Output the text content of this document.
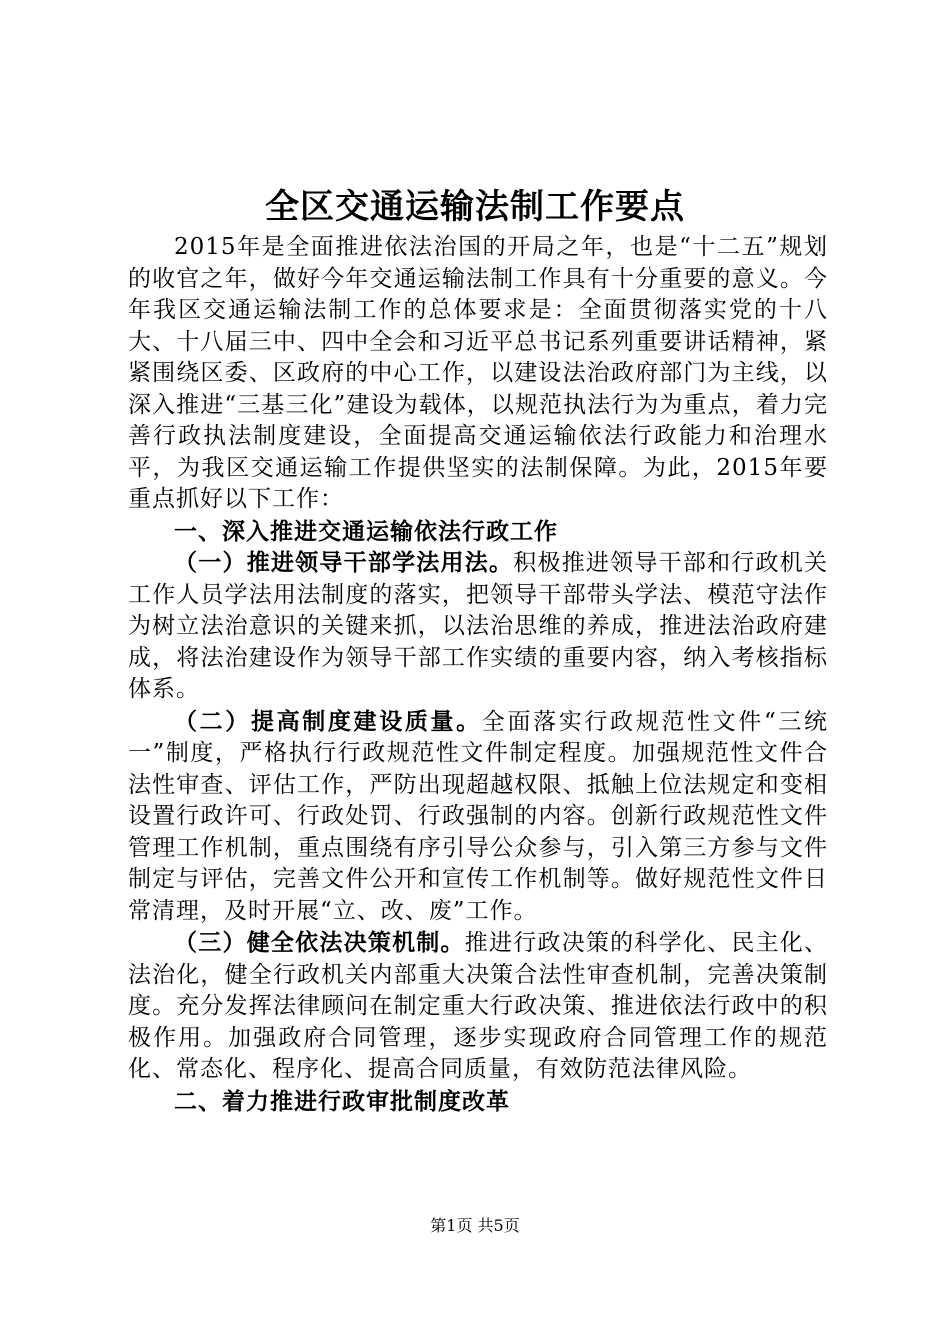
全区交通运输法制工作要点

2015年是全面推进依法治国的开局之年，也是“十二五”规划的收官之年，做好今年交通运输法制工作具有十分重要的意义。今年我区交通运输法制工作的总体要求是：全面贯彻落实党的十八大、十八届三中、四中全会和习近平总书记系列重要讲话精神，紧紧围绕区委、区政府的中心工作，以建设法治政府部门为主线，以深入推进“三基三化”建设为载体，以规范执法行为为重点，着力完善行政执法制度建设，全面提高交通运输依法行政能力和治理水平，为我区交通运输工作提供坚实的法制保障。为此，2015年要重点抓好以下工作：

一、深入推进交通运输依法行政工作

（一）推进领导干部学法用法。积极推进领导干部和行政机关工作人员学法用法制度的落实，把领导干部带头学法、模范守法作为树立法治意识的关键来抓，以法治思维的养成，推进法治政府建成，将法治建设作为领导干部工作实绩的重要内容，纳入考核指标体系。

（二）提高制度建设质量。全面落实行政规范性文件“三统一”制度，严格执行行政规范性文件制定程度。加强规范性文件合法性审查、评估工作，严防出现超越权限、抵触上位法规定和变相设置行政许可、行政处罚、行政强制的内容。创新行政规范性文件管理工作机制，重点围绕有序引导公众参与，引入第三方参与文件制定与评估，完善文件公开和宣传工作机制等。做好规范性文件日常清理，及时开展“立、改、废”工作。

（三）健全依法决策机制。推进行政决策的科学化、民主化、法治化，健全行政机关内部重大决策合法性审查机制，完善决策制度。充分发挥法律顾问在制定重大行政决策、推进依法行政中的积极作用。加强政府合同管理，逐步实现政府合同管理工作的规范化、常态化、程序化、提高合同质量，有效防范法律风险。

二、着力推进行政审批制度改革

第1页 共5页
